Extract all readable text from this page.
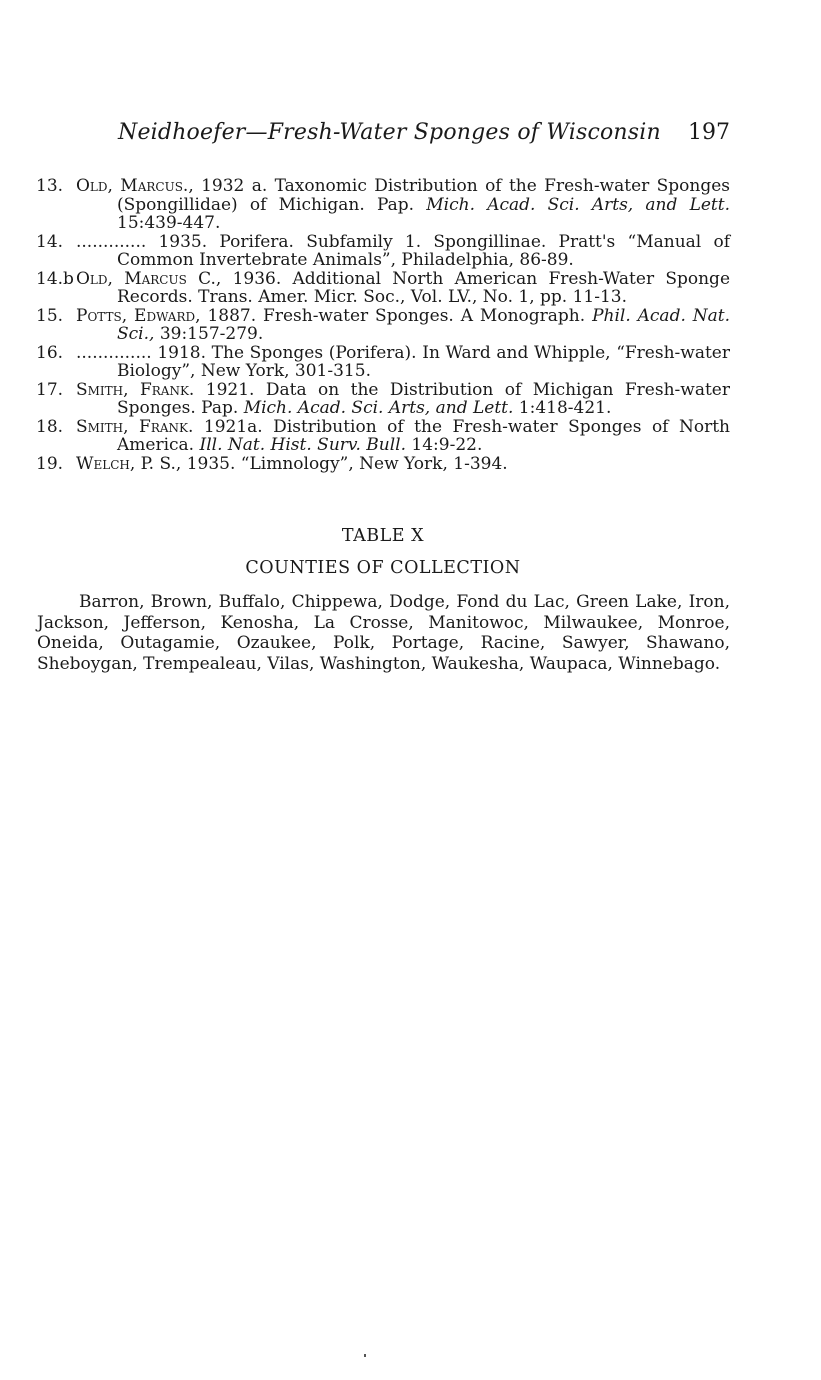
Neidhoefer—Fresh-Water Sponges of Wisconsin 197
13. Old, Marcus., 1932 a. Taxonomic Distribution of the Fresh-water Sponges (Spongillidae) of Michigan. Pap. Mich. Acad. Sci. Arts, and Lett. 15:439-447.
14. ............. 1935. Porifera. Subfamily 1. Spongillinae. Pratt's “Manual of Common Invertebrate Animals”, Philadelphia, 86-89.
14.b Old, Marcus C., 1936. Additional North American Fresh-Water Sponge Records. Trans. Amer. Micr. Soc., Vol. LV., No. 1, pp. 11-13.
15. Potts, Edward, 1887. Fresh-water Sponges. A Monograph. Phil. Acad. Nat. Sci., 39:157-279.
16. .............. 1918. The Sponges (Porifera). In Ward and Whipple, “Fresh-water Biology”, New York, 301-315.
17. Smith, Frank. 1921. Data on the Distribution of Michigan Fresh-water Sponges. Pap. Mich. Acad. Sci. Arts, and Lett. 1:418-421.
18. Smith, Frank. 1921a. Distribution of the Fresh-water Sponges of North America. Ill. Nat. Hist. Surv. Bull. 14:9-22.
19. Welch, P. S., 1935. “Limnology”, New York, 1-394.
TABLE X
COUNTIES OF COLLECTION

Barron, Brown, Buffalo, Chippewa, Dodge, Fond du Lac, Green Lake, Iron, Jackson, Jefferson, Kenosha, La Crosse, Manitowoc, Milwaukee, Monroe, Oneida, Outagamie, Ozaukee, Polk, Portage, Racine, Sawyer, Shawano, Sheboygan, Trempealeau, Vilas, Washington, Waukesha, Waupaca, Winnebago.
